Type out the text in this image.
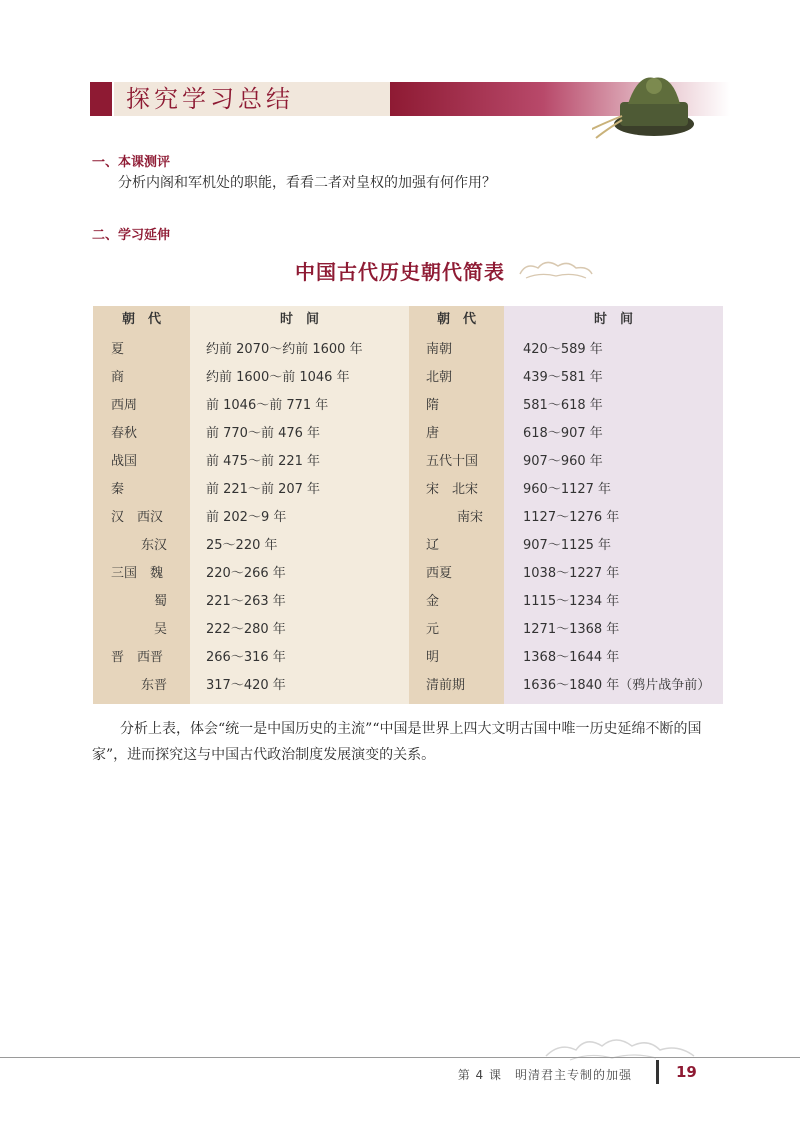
探究学习总结
一、本课测评
分析内阁和军机处的职能，看看二者对皇权的加强有何作用？
二、学习延伸
中国古代历史朝代简表
朝　代	时　间	朝　代	时　间
夏	约前 2070～约前 1600 年	南朝	420～589 年
商	约前 1600～前 1046 年	北朝	439～581 年
西周	前 1046～前 771 年	隋	581～618 年
春秋	前 770～前 476 年	唐	618～907 年
战国	前 475～前 221 年	五代十国	907～960 年
秦	前 221～前 207 年	宋　北宋	960～1127 年
汉　西汉	前 202～9 年	南宋	1127～1276 年
东汉	25～220 年	辽	907～1125 年
三国　魏	220～266 年	西夏	1038～1227 年
蜀	221～263 年	金	1115～1234 年
吴	222～280 年	元	1271～1368 年
晋　西晋	266～316 年	明	1368～1644 年
东晋	317～420 年	清前期	1636～1840 年（鸦片战争前）
分析上表，体会“统一是中国历史的主流”“中国是世界上四大文明古国中唯一历史延绵不断的国家”，进而探究这与中国古代政治制度发展演变的关系。
第 4 课　明清君主专制的加强	19
